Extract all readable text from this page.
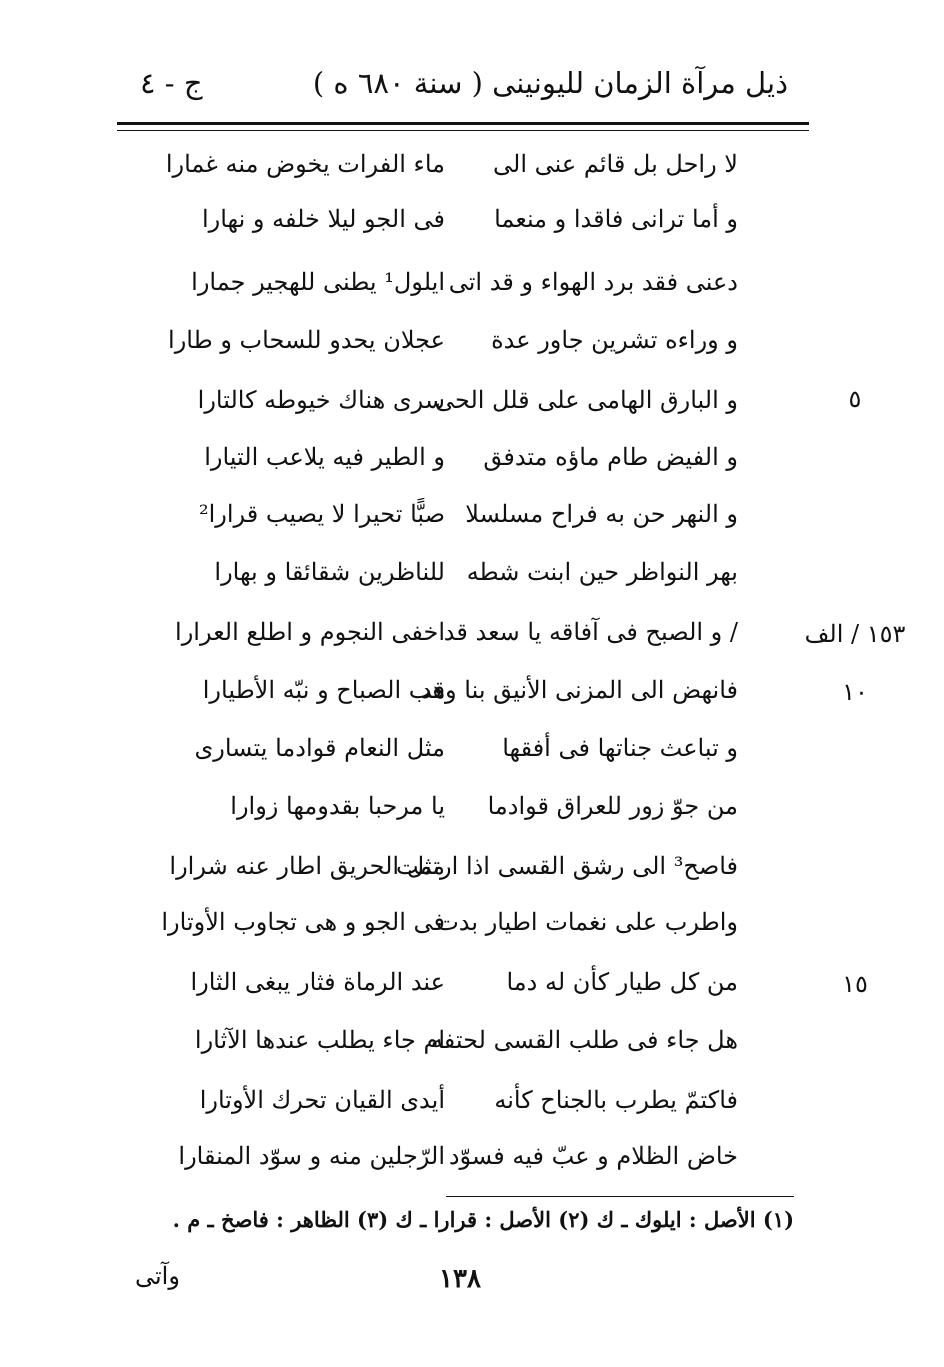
ذيل مرآة الزمان لليونينى ( سنة ٦٨٠ ه )
ج - ٤
٥
١٥٣ / الف
١٠
١٥
لا راحل بل قائم عنى الى
ماء الفرات يخوض منه غمارا
و أما ترانى فاقدا و منعما
فى الجو ليلا خلفه و نهارا
دعنى فقد برد الهواء و قد اتى
ايلول¹ يطنى للهجير جمارا
و وراءه تشرين جاور عدة
عجلان يحدو للسحاب و طارا
و البارق الهامى على قلل الحى
سرى هناك خيوطه كالتارا
و الفيض طام ماؤه متدفق
و الطير فيه يلاعب التيارا
و النهر حن به فراح مسلسلا
صبًّا تحيرا لا يصيب قرارا²
بهر النواظر حين ابنت شطه
للناظرين شقائقا و بهارا
/ و الصبح فى آفاقه يا سعد قد
اخفى النجوم و اطلع العرارا
فانهض الى المزنى الأنيق بنا وقد
هب الصباح و نبّه الأطيارا
و تباعث جناتها فى أفقها
مثل النعام قوادما يتسارى
من جوّ زور للعراق قوادما
يا مرحبا بقدومها زوارا
فاصح³ الى رشق القسى اذا ارتمت
مثل الحريق اطار عنه شرارا
واطرب على نغمات اطيار بدت
فى الجو و هى تجاوب الأوتارا
من كل طيار كأن له دما
عند الرماة فثار يبغى الثارا
هل جاء فى طلب القسى لحتفه
ام جاء يطلب عندها الآثارا
فاكتمّ يطرب بالجناح كأنه
أيدى القيان تحرك الأوتارا
خاض الظلام و عبّ فيه فسوّد
الرّجلين منه و سوّد المنقارا
(١) الأصل : ايلوك ـ ك (٢) الأصل : قرارا ـ ك (٣) الظاهر : فاصخ ـ م .
١٣٨
وآتى
